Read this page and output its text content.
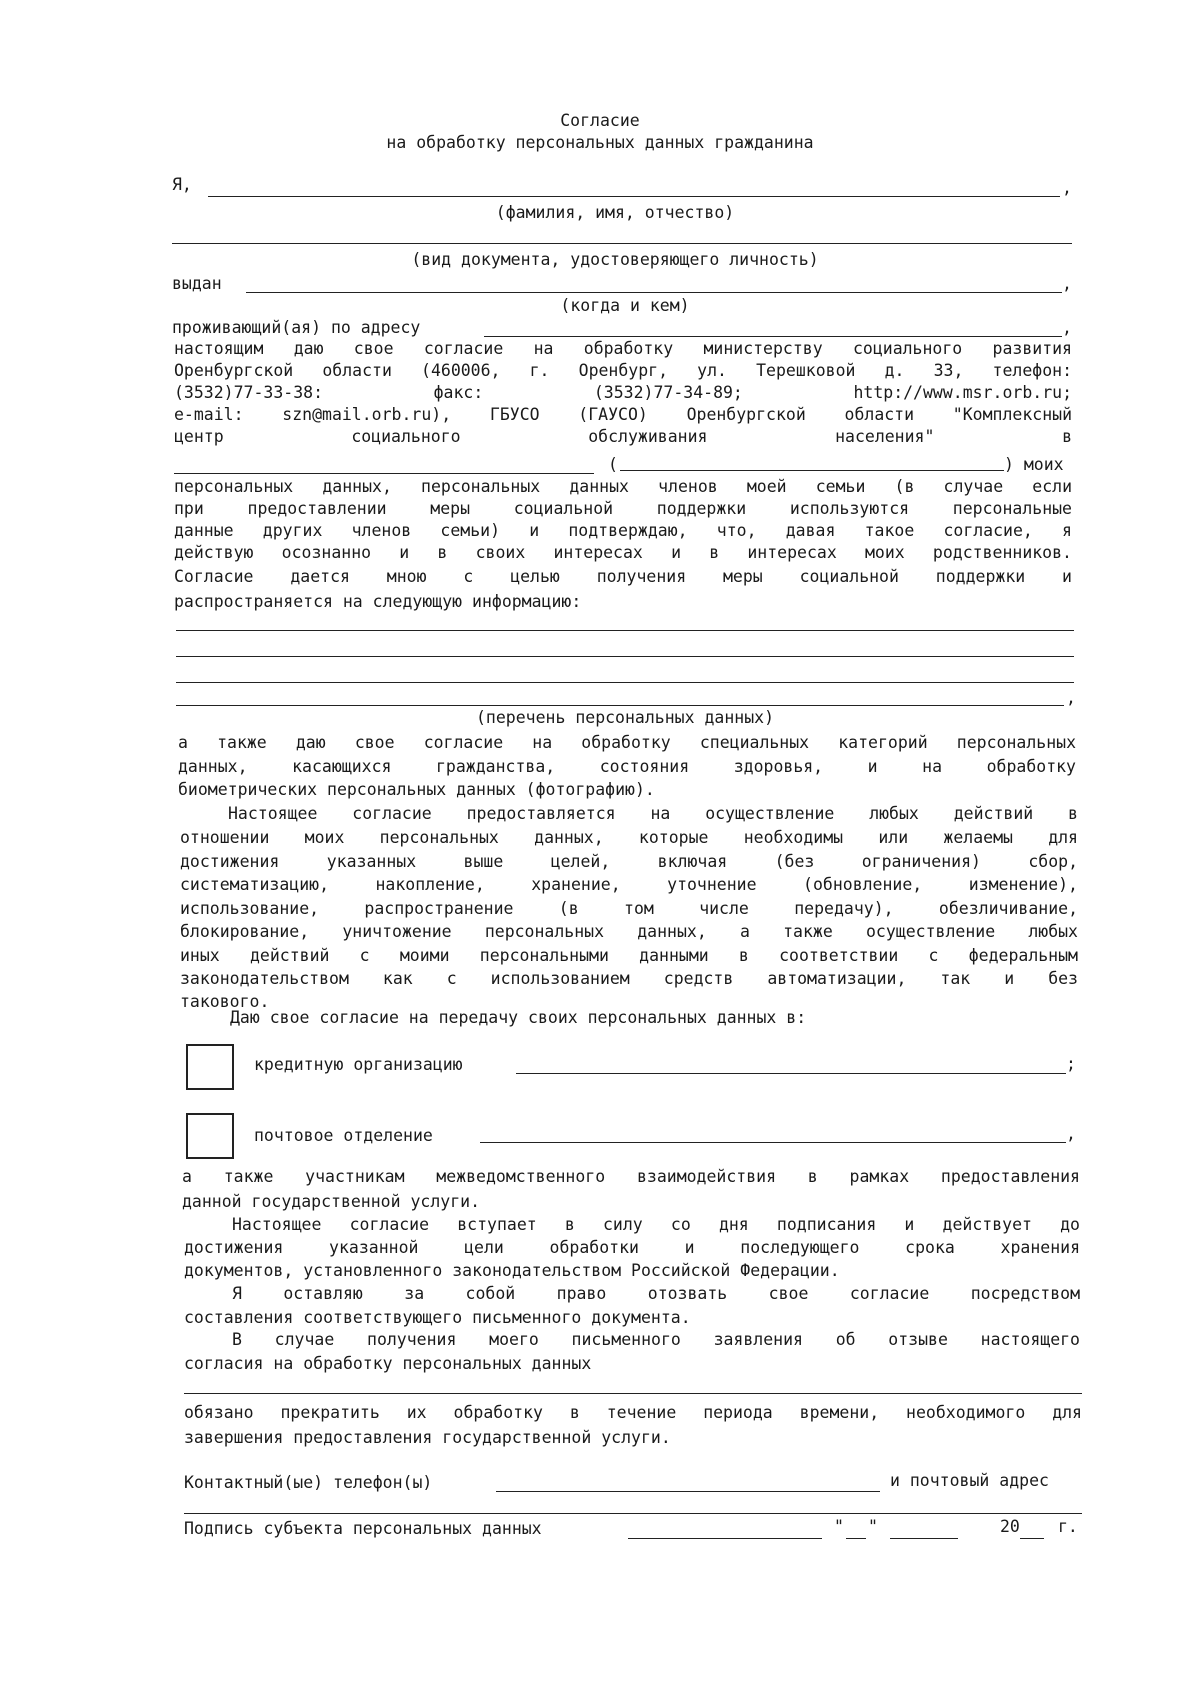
Согласие
на обработку персональных данных гражданина
Я,	,
(фамилия, имя, отчество)
(вид документа, удостоверяющего личность)
выдан	,
(когда и кем)
проживающий(ая) по адресу	,
настоящим даю свое согласие на обработку министерству социального развития
Оренбургской области (460006, г. Оренбург, ул. Терешковой д. 33, телефон:
(3532)77-33-38: факс: (3532)77-34-89; http://www.msr.orb.ru;
e-mail: szn@mail.orb.ru), ГБУСО (ГАУСО) Оренбургской области "Комплексный
центр социального обслуживания населения" в
(	) моих
персональных данных, персональных данных членов моей семьи (в случае если
при предоставлении меры социальной поддержки используются персональные
данные других членов семьи) и подтверждаю, что, давая такое согласие, я
действую осознанно и в своих интересах и в интересах моих родственников.
Согласие дается мною с целью получения меры социальной поддержки и
распространяется на следующую информацию:
,
(перечень персональных данных)
а также даю свое согласие на обработку специальных категорий персональных
данных, касающихся гражданства, состояния здоровья, и на обработку
биометрических персональных данных (фотографию).
Настоящее согласие предоставляется на осуществление любых действий в
отношении моих персональных данных, которые необходимы или желаемы для
достижения указанных выше целей, включая (без ограничения) сбор,
систематизацию, накопление, хранение, уточнение (обновление, изменение),
использование, распространение (в том числе передачу), обезличивание,
блокирование, уничтожение персональных данных, а также осуществление любых
иных действий с моими персональными данными в соответствии с федеральным
законодательством как с использованием средств автоматизации, так и без
такового.
Даю свое согласие на передачу своих персональных данных в:
кредитную организацию	;
почтовое отделение	,
а также участникам межведомственного взаимодействия в рамках предоставления
данной государственной услуги.
Настоящее согласие вступает в силу со дня подписания и действует до
достижения указанной цели обработки и последующего срока хранения
документов, установленного законодательством Российской Федерации.
Я оставляю за собой право отозвать свое согласие посредством
составления соответствующего письменного документа.
В случае получения моего письменного заявления об отзыве настоящего
согласия на обработку персональных данных
обязано прекратить их обработку в течение периода времени, необходимого для
завершения предоставления государственной услуги.
Контактный(ые) телефон(ы)	и почтовый адрес
Подпись субъекта персональных данных	" "	20 г.
